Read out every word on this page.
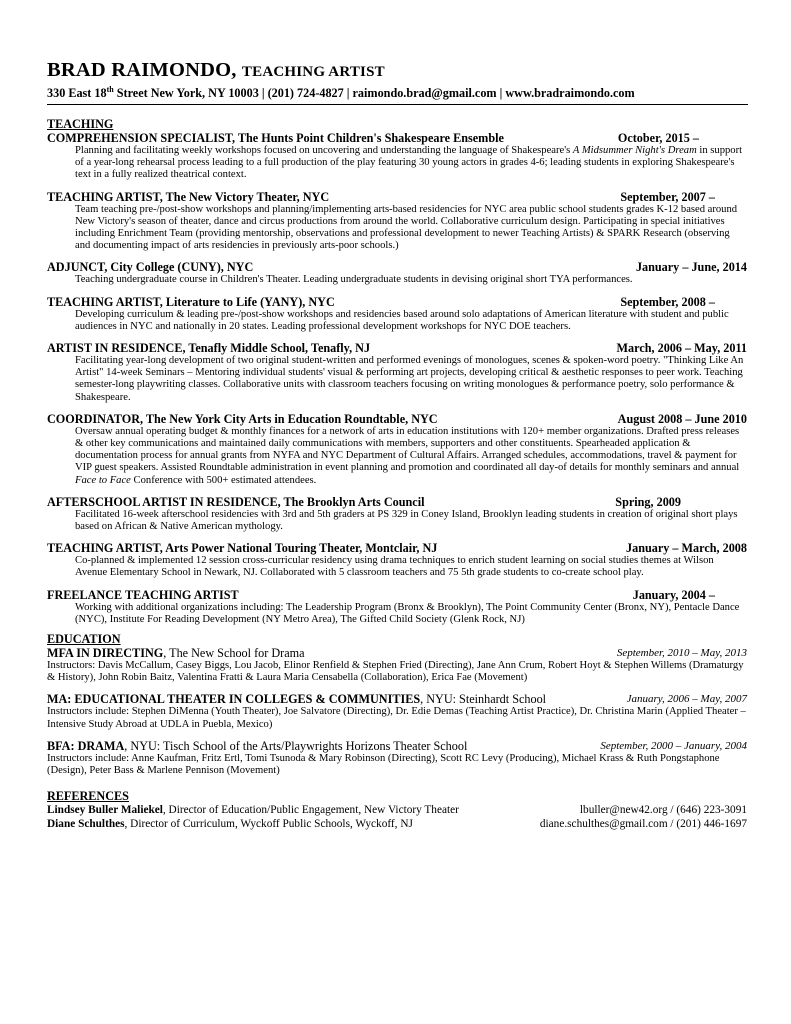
BRAD RAIMONDO, TEACHING ARTIST
330 East 18th Street New York, NY 10003 | (201) 724-4827 | raimondo.brad@gmail.com | www.bradraimondo.com
TEACHING
COMPREHENSION SPECIALIST, The Hunts Point Children's Shakespeare Ensemble	October, 2015 –
Planning and facilitating weekly workshops focused on uncovering and understanding the language of Shakespeare's A Midsummer Night's Dream in support of a year-long rehearsal process leading to a full production of the play featuring 30 young actors in grades 4-6; leading students in exploring Shakespeare's text in a fully realized theatrical context.
TEACHING ARTIST, The New Victory Theater, NYC	September, 2007 –
Team teaching pre-/post-show workshops and planning/implementing arts-based residencies for NYC area public school students grades K-12 based around New Victory's season of theater, dance and circus productions from around the world. Collaborative curriculum design. Participating in special initiatives including Enrichment Team (providing mentorship, observations and professional development to newer Teaching Artists) & SPARK Research (observing and documenting impact of arts residencies in previously arts-poor schools.)
ADJUNCT, City College (CUNY), NYC	January – June, 2014
Teaching undergraduate course in Children's Theater. Leading undergraduate students in devising original short TYA performances.
TEACHING ARTIST, Literature to Life (YANY), NYC	September, 2008 –
Developing curriculum & leading pre-/post-show workshops and residencies based around solo adaptations of American literature with student and public audiences in NYC and nationally in 20 states. Leading professional development workshops for NYC DOE teachers.
ARTIST IN RESIDENCE, Tenafly Middle School, Tenafly, NJ	March, 2006 – May, 2011
Facilitating year-long development of two original student-written and performed evenings of monologues, scenes & spoken-word poetry. "Thinking Like An Artist" 14-week Seminars – Mentoring individual students' visual & performing art projects, developing critical & aesthetic responses to peer work. Teaching semester-long playwriting classes. Collaborative units with classroom teachers focusing on writing monologues & performance poetry, solo performance & Shakespeare.
COORDINATOR, The New York City Arts in Education Roundtable, NYC	August 2008 – June 2010
Oversaw annual operating budget & monthly finances for a network of arts in education institutions with 120+ member organizations. Drafted press releases & other key communications and maintained daily communications with members, supporters and other constituents. Spearheaded application & documentation process for annual grants from NYFA and NYC Department of Cultural Affairs. Arranged schedules, accommodations, travel & payment for VIP guest speakers. Assisted Roundtable administration in event planning and promotion and coordinated all day-of details for monthly seminars and annual Face to Face Conference with 500+ estimated attendees.
AFTERSCHOOL ARTIST IN RESIDENCE, The Brooklyn Arts Council	Spring, 2009
Facilitated 16-week afterschool residencies with 3rd and 5th graders at PS 329 in Coney Island, Brooklyn leading students in creation of original short plays based on African & Native American mythology.
TEACHING ARTIST, Arts Power National Touring Theater, Montclair, NJ	January – March, 2008
Co-planned & implemented 12 session cross-curricular residency using drama techniques to enrich student learning on social studies themes at Wilson Avenue Elementary School in Newark, NJ. Collaborated with 5 classroom teachers and 75 5th grade students to co-create school play.
FREELANCE TEACHING ARTIST	January, 2004 –
Working with additional organizations including: The Leadership Program (Bronx & Brooklyn), The Point Community Center (Bronx, NY), Pentacle Dance (NYC), Institute For Reading Development (NY Metro Area), The Gifted Child Society (Glenk Rock, NJ)
EDUCATION
MFA IN DIRECTING, The New School for Drama	September, 2010 – May, 2013
Instructors: Davis McCallum, Casey Biggs, Lou Jacob, Elinor Renfield & Stephen Fried (Directing), Jane Ann Crum, Robert Hoyt & Stephen Willems (Dramaturgy & History), John Robin Baitz, Valentina Fratti & Laura Maria Censabella (Collaboration), Erica Fae (Movement)
MA: EDUCATIONAL THEATER IN COLLEGES & COMMUNITIES, NYU: Steinhardt School	January, 2006 – May, 2007
Instructors include: Stephen DiMenna (Youth Theater), Joe Salvatore (Directing), Dr. Edie Demas (Teaching Artist Practice), Dr. Christina Marin (Applied Theater – Intensive Study Abroad at UDLA in Puebla, Mexico)
BFA: DRAMA, NYU: Tisch School of the Arts/Playwrights Horizons Theater School	September, 2000 – January, 2004
Instructors include: Anne Kaufman, Fritz Ertl, Tomi Tsunoda & Mary Robinson (Directing), Scott RC Levy (Producing), Michael Krass & Ruth Pongstaphone (Design), Peter Bass & Marlene Pennison (Movement)
REFERENCES
Lindsey Buller Maliekel, Director of Education/Public Engagement, New Victory Theater	lbuller@new42.org / (646) 223-3091
Diane Schulthes, Director of Curriculum, Wyckoff Public Schools, Wyckoff, NJ	diane.schulthes@gmail.com / (201) 446-1697
